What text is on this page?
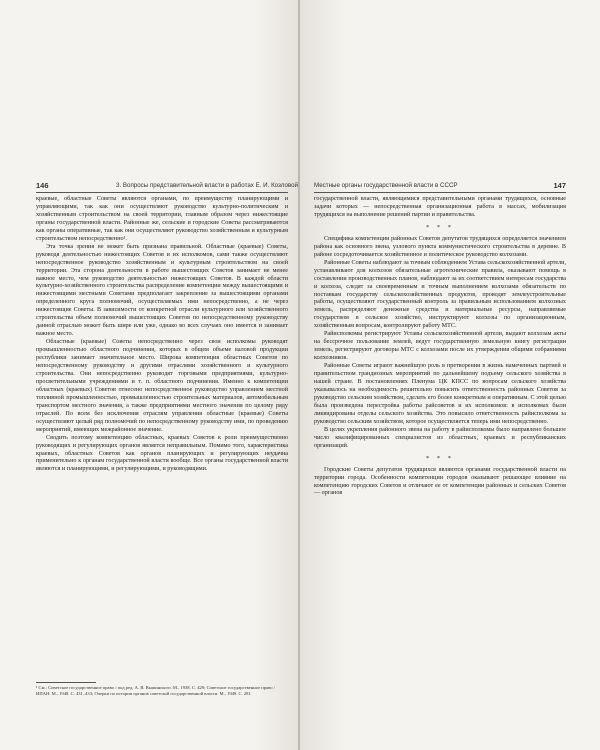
146	3. Вопросы представительной власти в работах Е. И. Козловой

краевые, областные Советы являются органами, по преимуществу планирующими и управляющими, так как они осуществляют руководство культурно-политическим и хозяйственным строительством на своей территории, главным образом через нижестоящие органы государственной власти. Районные же, сельские и городские Советы рассматриваются как органы оперативные, так как они осуществляют руководство хозяйственным и культурным строительством непосредственно¹.

Эта точка зрения не может быть признана правильной. Областные (краевые) Советы, руководя деятельностью нижестоящих Советов и их исполкомов, сами также осуществляют непосредственное руководство хозяйственным и культурным строительством на своей территории. Эта сторона деятельности в работе вышестоящих Советов занимает не менее важное место, чем руководство деятельностью нижестоящих Советов. В каждой области культурно-хозяйственного строительства распределение компетенции между вышестоящими и нижестоящими местными Советами предполагает закрепление за вышестоящими органами определенного круга полномочий, осуществляемых ими непосредственно, а не через нижестоящие Советы. В зависимости от конкретной отрасли культурного или хозяйственного строительства объем полномочий вышестоящих Советов по непосредственному руководству данной отраслью может быть шире или уже, однако во всех случаях оно имеется и занимает важное место.

Областные (краевые) Советы непосредственно через свои исполкомы руководят промышленностью областного подчинения, которых в общем объеме валовой продукции республики занимает значительное место. Широка компетенция областных Советов по непосредственному руководству и другими отраслями хозяйственного и культурного строительства. Они непосредственно руководят торговыми предприятиями, культурно-просветительными учреждениями и т. п. областного подчинения. Именно к компетенции областных (краевых) Советов отнесено непосредственное руководство управлением местной топливной промышленностью, промышленностью строительных материалов, автомобильным транспортом местного значения, а также предприятиями местного значения по целому ряду отраслей. По всем без исключения отраслям управления областные (краевые) Советы осуществляют целый ряд полномочий по непосредственному руководству ими, по проведению мероприятий, имеющих межрайонное значение.

Сводить поэтому компетенцию областных, краевых Советов к роли преимущественно руководящих и регулирующих органов является неправильным. Помимо того, характеристика краевых, областных Советов как органов планирующих и регулирующих неудачна применительно к органам государственной власти вообще. Все органы государственной власти являются и планирующими, и регулирующими, и руководящими.

¹ См.: Советское государственное право / под ред. А. Я. Вышинского. М., 1938. С. 429; Советское государственное право / ИПАН. М., 1948. С. 431–433; Очерки по истории органов советской государственной власти. М., 1949. С. 281.
Местные органы государственной власти в СССР	147

государственной власти, являющимися представительными органами трудящихся, основные задачи которых — непосредственная организационная работа в массах, мобилизация трудящихся на выполнение решений партии и правительства.

* * *

Специфика компетенции районных Советов депутатов трудящихся определяется значением района как основного звена, узлового пункта коммунистического строительства в деревне. В районе сосредоточивается хозяйственное и политическое руководство колхозами.

Районные Советы наблюдают за точным соблюдением Устава сельскохозяйственной артели, устанавливают для колхозов обязательные агротехнические правила, оказывают помощь в составлении производственных планов, наблюдают за их соответствием интересам государства и колхоза, следят за своевременным и точным выполнением колхозами обязательств по поставкам государству сельскохозяйственных продуктов, проводят землеустроительные работы, осуществляют государственный контроль за правильным использованием колхозных земель, распределяют денежные средства и материальные ресурсы, направляемые государством в сельское хозяйство, инструктируют колхозы по организационным, хозяйственным вопросам, контролируют работу МТС.

Райисполкомы регистрируют Уставы сельскохозяйственной артели, выдают колхозам акты на бессрочное пользование землей, ведут государственную земельную книгу регистрации земель, регистрируют договоры МТС с колхозами после их утверждения общими собраниями колхозников.

Районные Советы играют важнейшую роль в претворении в жизнь намеченных партией и правительством грандиозных мероприятий по дальнейшему подъему сельского хозяйства в нашей стране. В постановлениях Пленума ЦК КПСС по вопросам сельского хозяйства указывалось на необходимость решительно повысить ответственность районных Советов за руководство сельским хозяйством, сделать его более конкретным и оперативным. С этой целью была произведена перестройка работы райсоветов и их исполкомов: в исполкомах были ликвидированы отделы сельского хозяйства. Это повысило ответственность райисполкома за руководство сельским хозяйством, которое осуществляется теперь ими непосредственно.

В целях укрепления районного звена на работу в райисполкомы было направлено большое число квалифицированных специалистов из областных, краевых и республиканских организаций.

* * *

Городские Советы депутатов трудящихся являются органами государственной власти на территории города. Особенности компетенции городов оказывают решающее влияние на компетенцию городских Советов и отличают ее от компетенции районных и сельских Советов — органов
